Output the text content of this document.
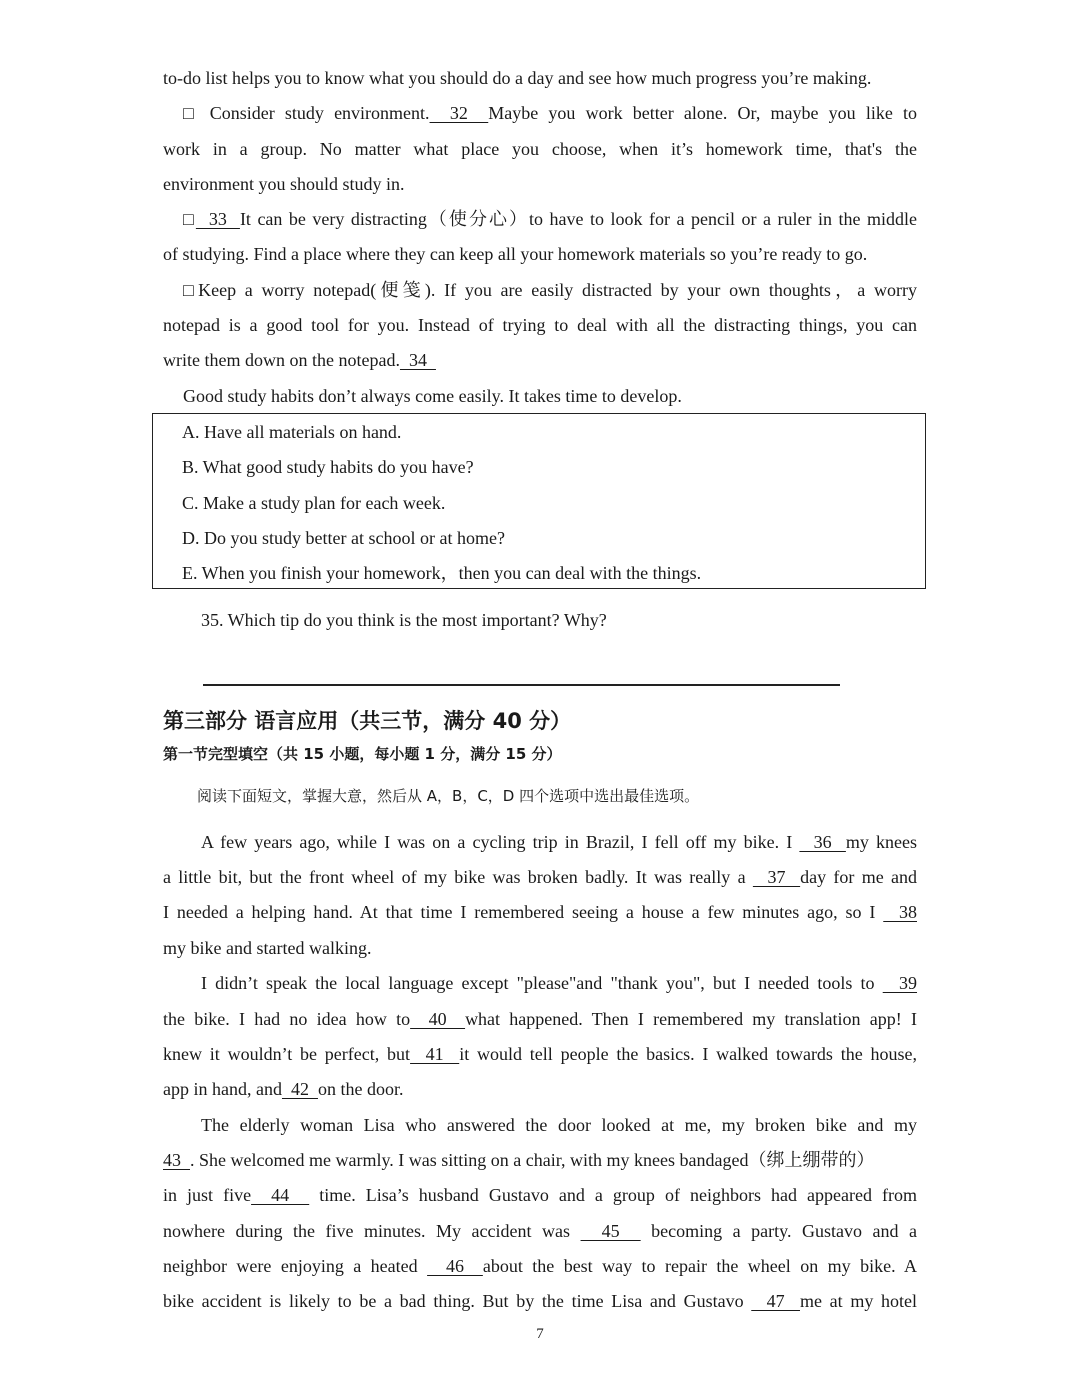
to-do list helps you to know what you should do a day and see how much progress you’re making.
□ Consider study environment.  32  Maybe you work better alone. Or, maybe you like to
work in a group. No matter what place you choose, when it’s homework time, that's the
environment you should study in.
□  33  It can be very distracting（使分心）to have to look for a pencil or a ruler in the middle
of studying. Find a place where they can keep all your homework materials so you’re ready to go.
□Keep a worry notepad(便笺). If you are easily distracted by your own thoughts，a worry
notepad is a good tool for you. Instead of trying to deal with all the distracting things, you can
write them down on the notepad.  34
Good study habits don’t always come easily. It takes time to develop.
A. Have all materials on hand.
B. What good study habits do you have?
C. Make a study plan for each week.
D. Do you study better at school or at home?
E. When you finish your homework，then you can deal with the things.
35. Which tip do you think is the most important? Why?
第三部分 语言应用（共三节，满分 40 分）
第一节完型填空（共 15 小题，每小题 1 分，满分 15 分）
阅读下面短文，掌握大意，然后从 A，B，C，D 四个选项中选出最佳选项。
A few years ago, while I was on a cycling trip in Brazil, I fell off my bike. I   36  my knees
a little bit, but the front wheel of my bike was broken badly. It was really a   37  day for me and
I needed a helping hand. At that time I remembered seeing a house a few minutes ago, so I   38
my bike and started walking.
I didn’t speak the local language except "please"and "thank you", but I needed tools to   39
the bike. I had no idea how to  40  what happened. Then I remembered my translation app! I
knew it wouldn’t be perfect, but  41  it would tell people the basics. I walked towards the house,
app in hand, and  42  on the door.
The elderly woman Lisa who answered the door looked at me, my broken bike and my
43  . She welcomed me warmly. I was sitting on a chair, with my knees bandaged（绑上绷带的）
in just five  44   time. Lisa’s husband Gustavo and a group of neighbors had appeared from
nowhere during the five minutes. My accident was   45   becoming a party. Gustavo and a
neighbor were enjoying a heated   46  about the best way to repair the wheel on my bike. A
bike accident is likely to be a bad thing. But by the time Lisa and Gustavo   47  me at my hotel
7
